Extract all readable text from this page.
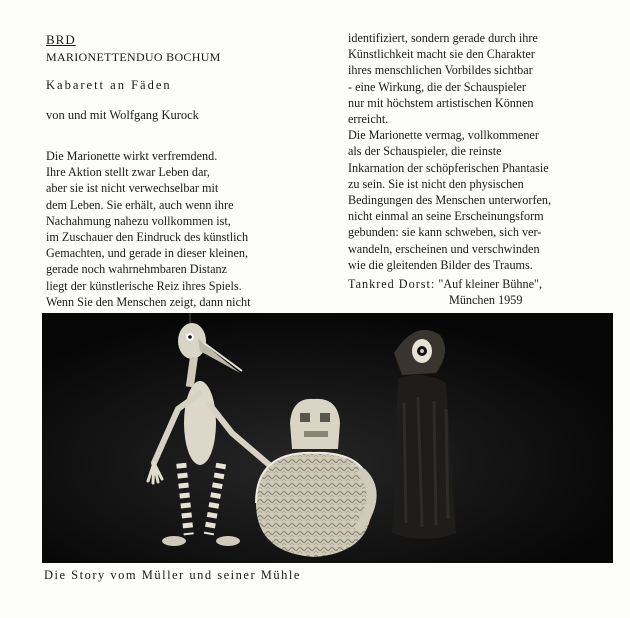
BRD
MARIONETTENDUO BOCHUM
Kabarett an Fäden
von und mit Wolfgang Kurock
Die Marionette wirkt verfremdend.
Ihre Aktion stellt zwar Leben dar,
aber sie ist nicht verwechselbar mit
dem Leben. Sie erhält, auch wenn ihre
Nachahmung nahezu vollkommen ist,
im Zuschauer den Eindruck des künstlich
Gemachten, und gerade in dieser kleinen,
gerade noch wahrnehmbaren Distanz
liegt der künstlerische Reiz ihres Spiels.
Wenn Sie den Menschen zeigt, dann nicht
identifiziert, sondern gerade durch ihre
Künstlichkeit macht sie den Charakter
ihres menschlichen Vorbildes sichtbar
- eine Wirkung, die der Schauspieler
nur mit höchstem artistischen Können
erreicht.
Die Marionette vermag, vollkommener
als der Schauspieler, die reinste
Inkarnation der schöpferischen Phantasie
zu sein. Sie ist nicht den physischen
Bedingungen des Menschen unterworfen,
nicht einmal an seine Erscheinungsform
gebunden: sie kann schweben, sich ver-
wandeln, erscheinen und verschwinden
wie die gleitenden Bilder des Traums.
Tankred Dorst: "Auf kleiner Bühne",
München 1959
Die Story vom Müller und seiner Mühle
